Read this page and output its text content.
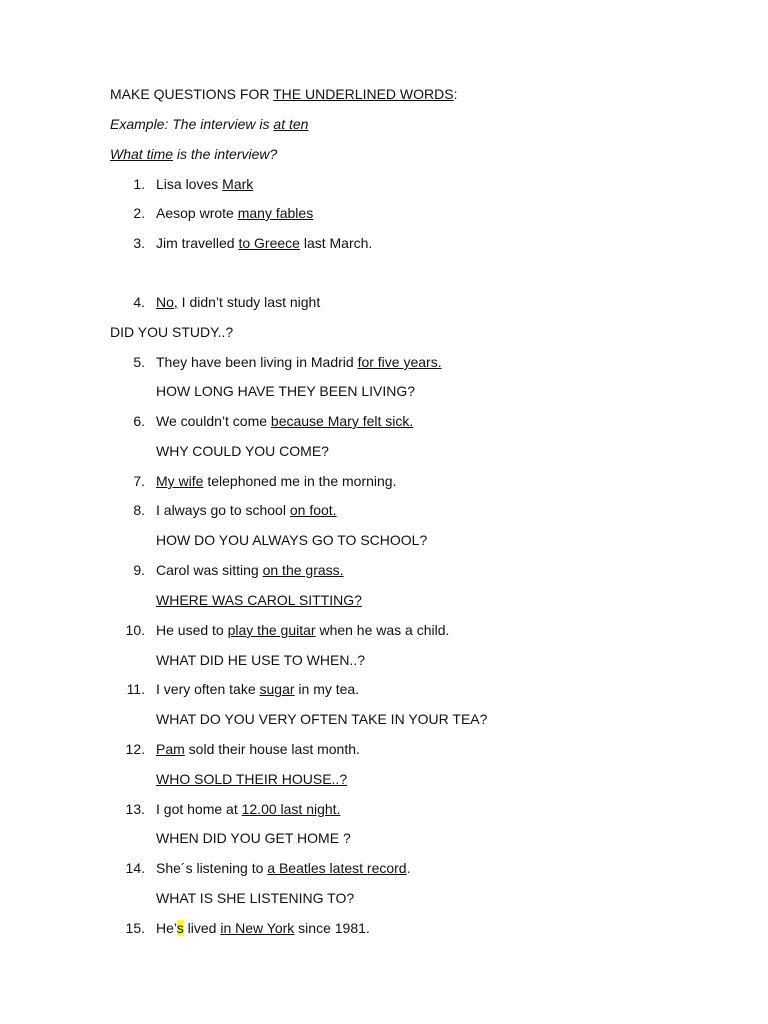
MAKE QUESTIONS FOR THE UNDERLINED WORDS:
Example: The interview is at ten
What time is the interview?
1. Lisa loves Mark
2. Aesop wrote many fables
3. Jim travelled to Greece last March.
4. No, I didn’t study last night
DID YOU STUDY..?
5. They have been living in Madrid for five years.
HOW LONG HAVE THEY BEEN LIVING?
6. We couldn’t come because Mary felt sick.
WHY COULD YOU COME?
7. My wife telephoned me in the morning.
8. I always go to school on foot.
HOW DO YOU ALWAYS GO TO SCHOOL?
9. Carol was sitting on the grass.
WHERE WAS CAROL SITTING?
10. He used to play the guitar when he was a child.
WHAT DID HE USE TO WHEN..?
11. I very often take sugar in my tea.
WHAT DO YOU VERY OFTEN TAKE IN YOUR TEA?
12. Pam sold their house last month.
WHO SOLD THEIR HOUSE..?
13. I got home at 12.00 last night.
WHEN DID YOU GET HOME ?
14. She´s listening to a Beatles latest record.
WHAT IS SHE LISTENING TO?
15. He’s lived in New York since 1981.
